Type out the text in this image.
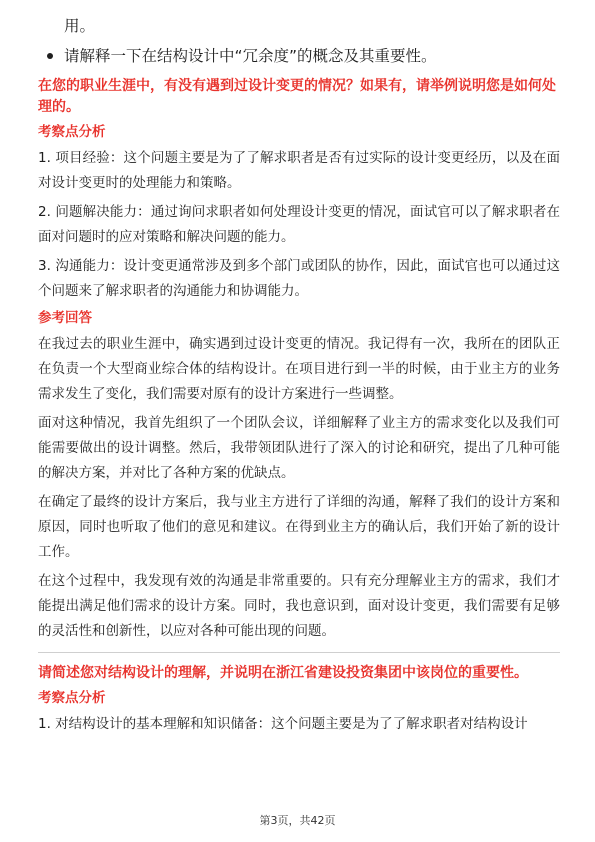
用。
请解释一下在结构设计中“冗余度”的概念及其重要性。
在您的职业生涯中，有没有遇到过设计变更的情况？如果有，请举例说明您是如何处理的。
考察点分析
1. 项目经验：这个问题主要是为了了解求职者是否有过实际的设计变更经历，以及在面对设计变更时的处理能力和策略。
2. 问题解决能力：通过询问求职者如何处理设计变更的情况，面试官可以了解求职者在面对问题时的应对策略和解决问题的能力。
3. 沟通能力：设计变更通常涉及到多个部门或团队的协作，因此，面试官也可以通过这个问题来了解求职者的沟通能力和协调能力。
参考回答
在我过去的职业生涯中，确实遇到过设计变更的情况。我记得有一次，我所在的团队正在负责一个大型商业综合体的结构设计。在项目进行到一半的时候，由于业主方的业务需求发生了变化，我们需要对原有的设计方案进行一些调整。
面对这种情况，我首先组织了一个团队会议，详细解释了业主方的需求变化以及我们可能需要做出的设计调整。然后，我带领团队进行了深入的讨论和研究，提出了几种可能的解决方案，并对比了各种方案的优缺点。
在确定了最终的设计方案后，我与业主方进行了详细的沟通，解释了我们的设计方案和原因，同时也听取了他们的意见和建议。在得到业主方的确认后，我们开始了新的设计工作。
在这个过程中，我发现有效的沟通是非常重要的。只有充分理解业主方的需求，我们才能提出满足他们需求的设计方案。同时，我也意识到，面对设计变更，我们需要有足够的灵活性和创新性，以应对各种可能出现的问题。
请简述您对结构设计的理解，并说明在浙江省建设投资集团中该岗位的重要性。
考察点分析
1. 对结构设计的基本理解和知识储备：这个问题主要是为了了解求职者对结构设计
第3页，共42页
